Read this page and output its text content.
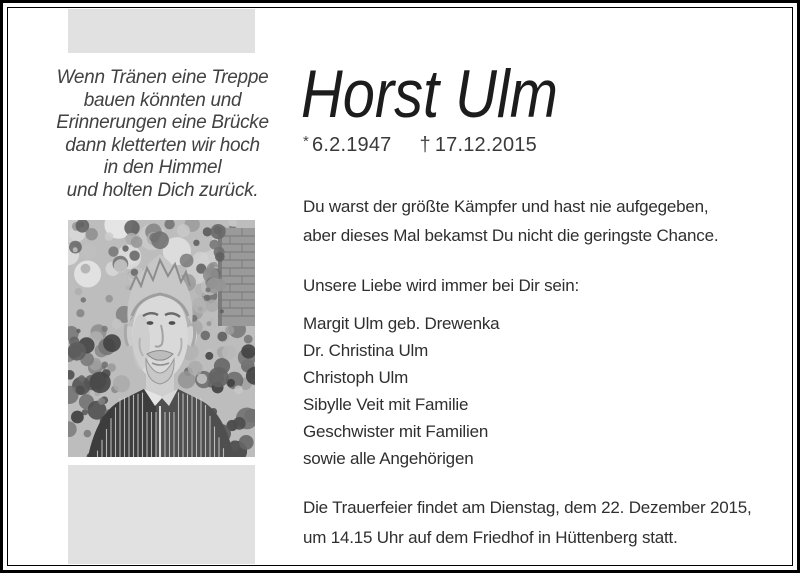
Wenn Tränen eine Treppe
bauen könnten und
Erinnerungen eine Brücke
dann kletterten wir hoch
in den Himmel
und holten Dich zurück.
Horst Ulm
* 6.2.1947 † 17.12.2015
Du warst der größte Kämpfer und hast nie aufgegeben,
aber dieses Mal bekamst Du nicht die geringste Chance.
Unsere Liebe wird immer bei Dir sein:
Margit Ulm geb. Drewenka
Dr. Christina Ulm
Christoph Ulm
Sibylle Veit mit Familie
Geschwister mit Familien
sowie alle Angehörigen
Die Trauerfeier findet am Dienstag, dem 22. Dezember 2015,
um 14.15 Uhr auf dem Friedhof in Hüttenberg statt.
